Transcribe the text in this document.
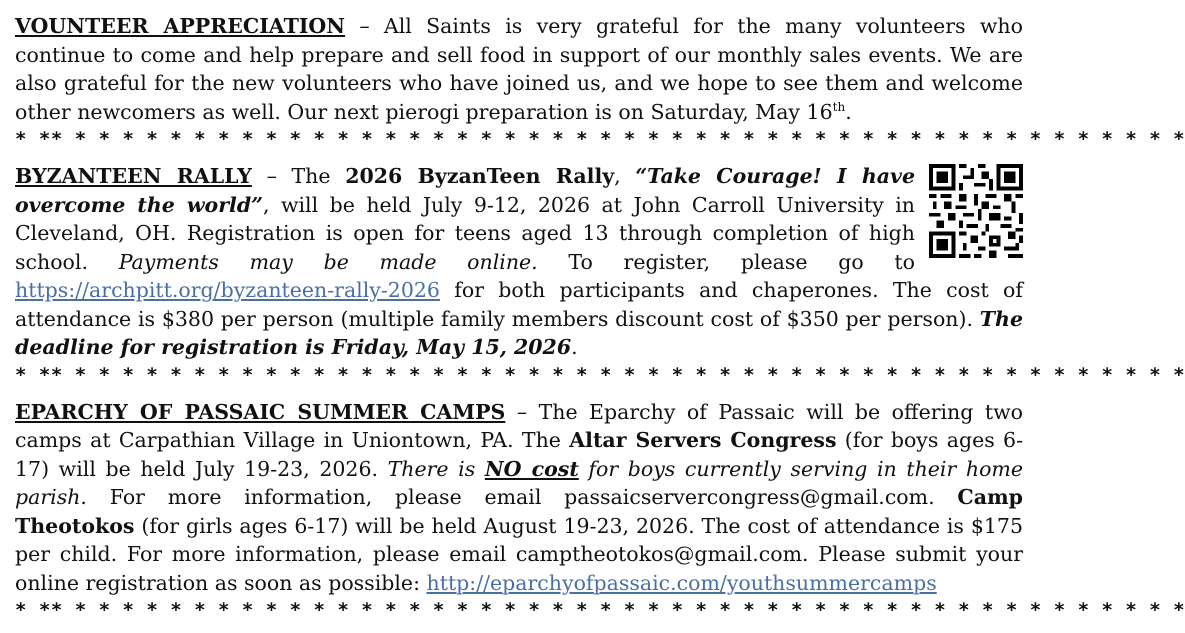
VOUNTEER APPRECIATION – All Saints is very grateful for the many volunteers who continue to come and help prepare and sell food in support of our monthly sales events. We are also grateful for the new volunteers who have joined us, and we hope to see them and welcome other newcomers as well. Our next pierogi preparation is on Saturday, May 16th.

* ** * * * * * * * * * * * * * * * * * * * * * * * * * * * * * * * * * * * * * * * * * * * * * * *

BYZANTEEN RALLY – The 2026 ByzanTeen Rally, “Take Courage! I have overcome the world”, will be held July 9-12, 2026 at John Carroll University in Cleveland, OH. Registration is open for teens aged 13 through completion of high school. Payments may be made online. To register, please go to https://archpitt.org/byzanteen-rally-2026 for both participants and chaperones. The cost of attendance is $380 per person (multiple family members discount cost of $350 per person). The deadline for registration is Friday, May 15, 2026.

* ** * * * * * * * * * * * * * * * * * * * * * * * * * * * * * * * * * * * * * * * * * * * * * * *

EPARCHY OF PASSAIC SUMMER CAMPS – The Eparchy of Passaic will be offering two camps at Carpathian Village in Uniontown, PA. The Altar Servers Congress (for boys ages 6-17) will be held July 19-23, 2026. There is NO cost for boys currently serving in their home parish. For more information, please email passaicservercongress@gmail.com. Camp Theotokos (for girls ages 6-17) will be held August 19-23, 2026. The cost of attendance is $175 per child. For more information, please email camptheotokos@gmail.com. Please submit your online registration as soon as possible: http://eparchyofpassaic.com/youthsummercamps

* ** * * * * * * * * * * * * * * * * * * * * * * * * * * * * * * * * * * * * * * * * * * * * * * *
